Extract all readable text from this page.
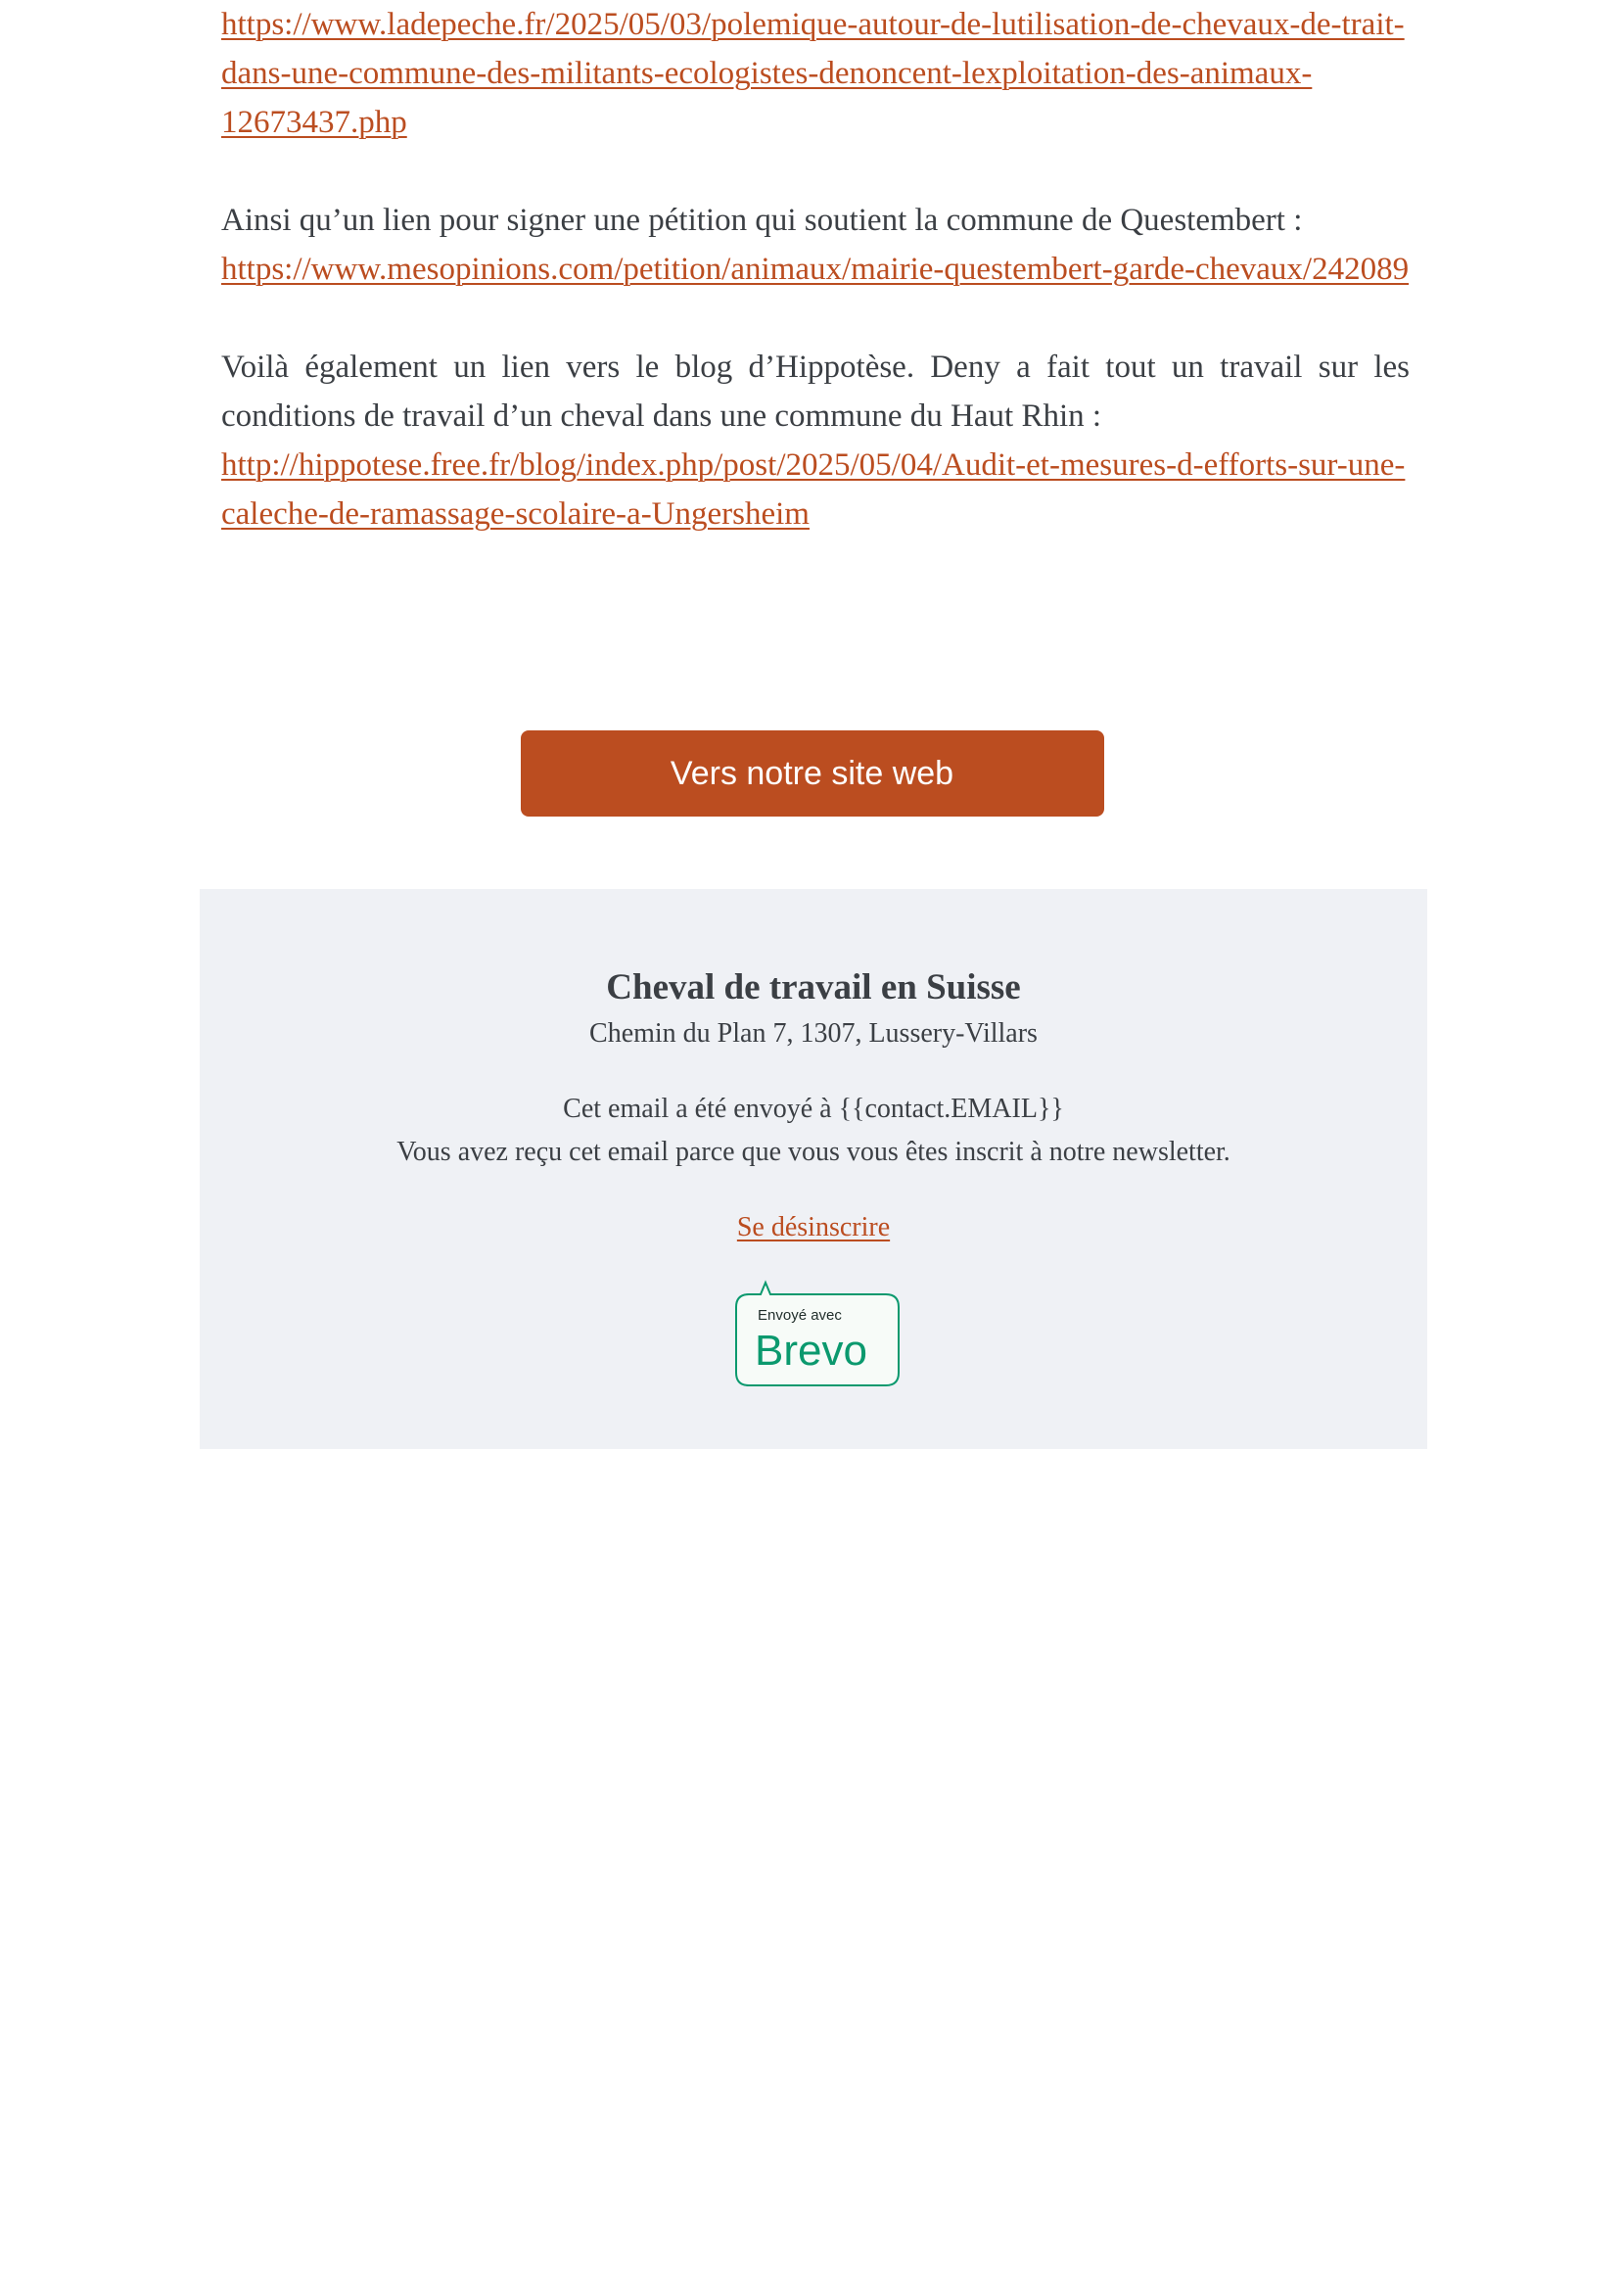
https://www.ladepeche.fr/2025/05/03/polemique-autour-de-lutilisation-de-chevaux-de-trait-dans-une-commune-des-militants-ecologistes-denoncent-lexploitation-des-animaux-12673437.php

Ainsi qu’un lien pour signer une pétition qui soutient la commune de Questembert :
https://www.mesopinions.com/petition/animaux/mairie-questembert-garde-chevaux/242089

Voilà également un lien vers le blog d’Hippotèse. Deny a fait tout un travail sur les conditions de travail d’un cheval dans une commune du Haut Rhin :
http://hippotese.free.fr/blog/index.php/post/2025/05/04/Audit-et-mesures-d-efforts-sur-une-caleche-de-ramassage-scolaire-a-Ungersheim

Vers notre site web
Cheval de travail en Suisse
Chemin du Plan 7, 1307, Lussery-Villars
Cet email a été envoyé à {{contact.EMAIL}}
Vous avez reçu cet email parce que vous vous êtes inscrit à notre newsletter.
Se désinscrire
Envoyé avec
Brevo
